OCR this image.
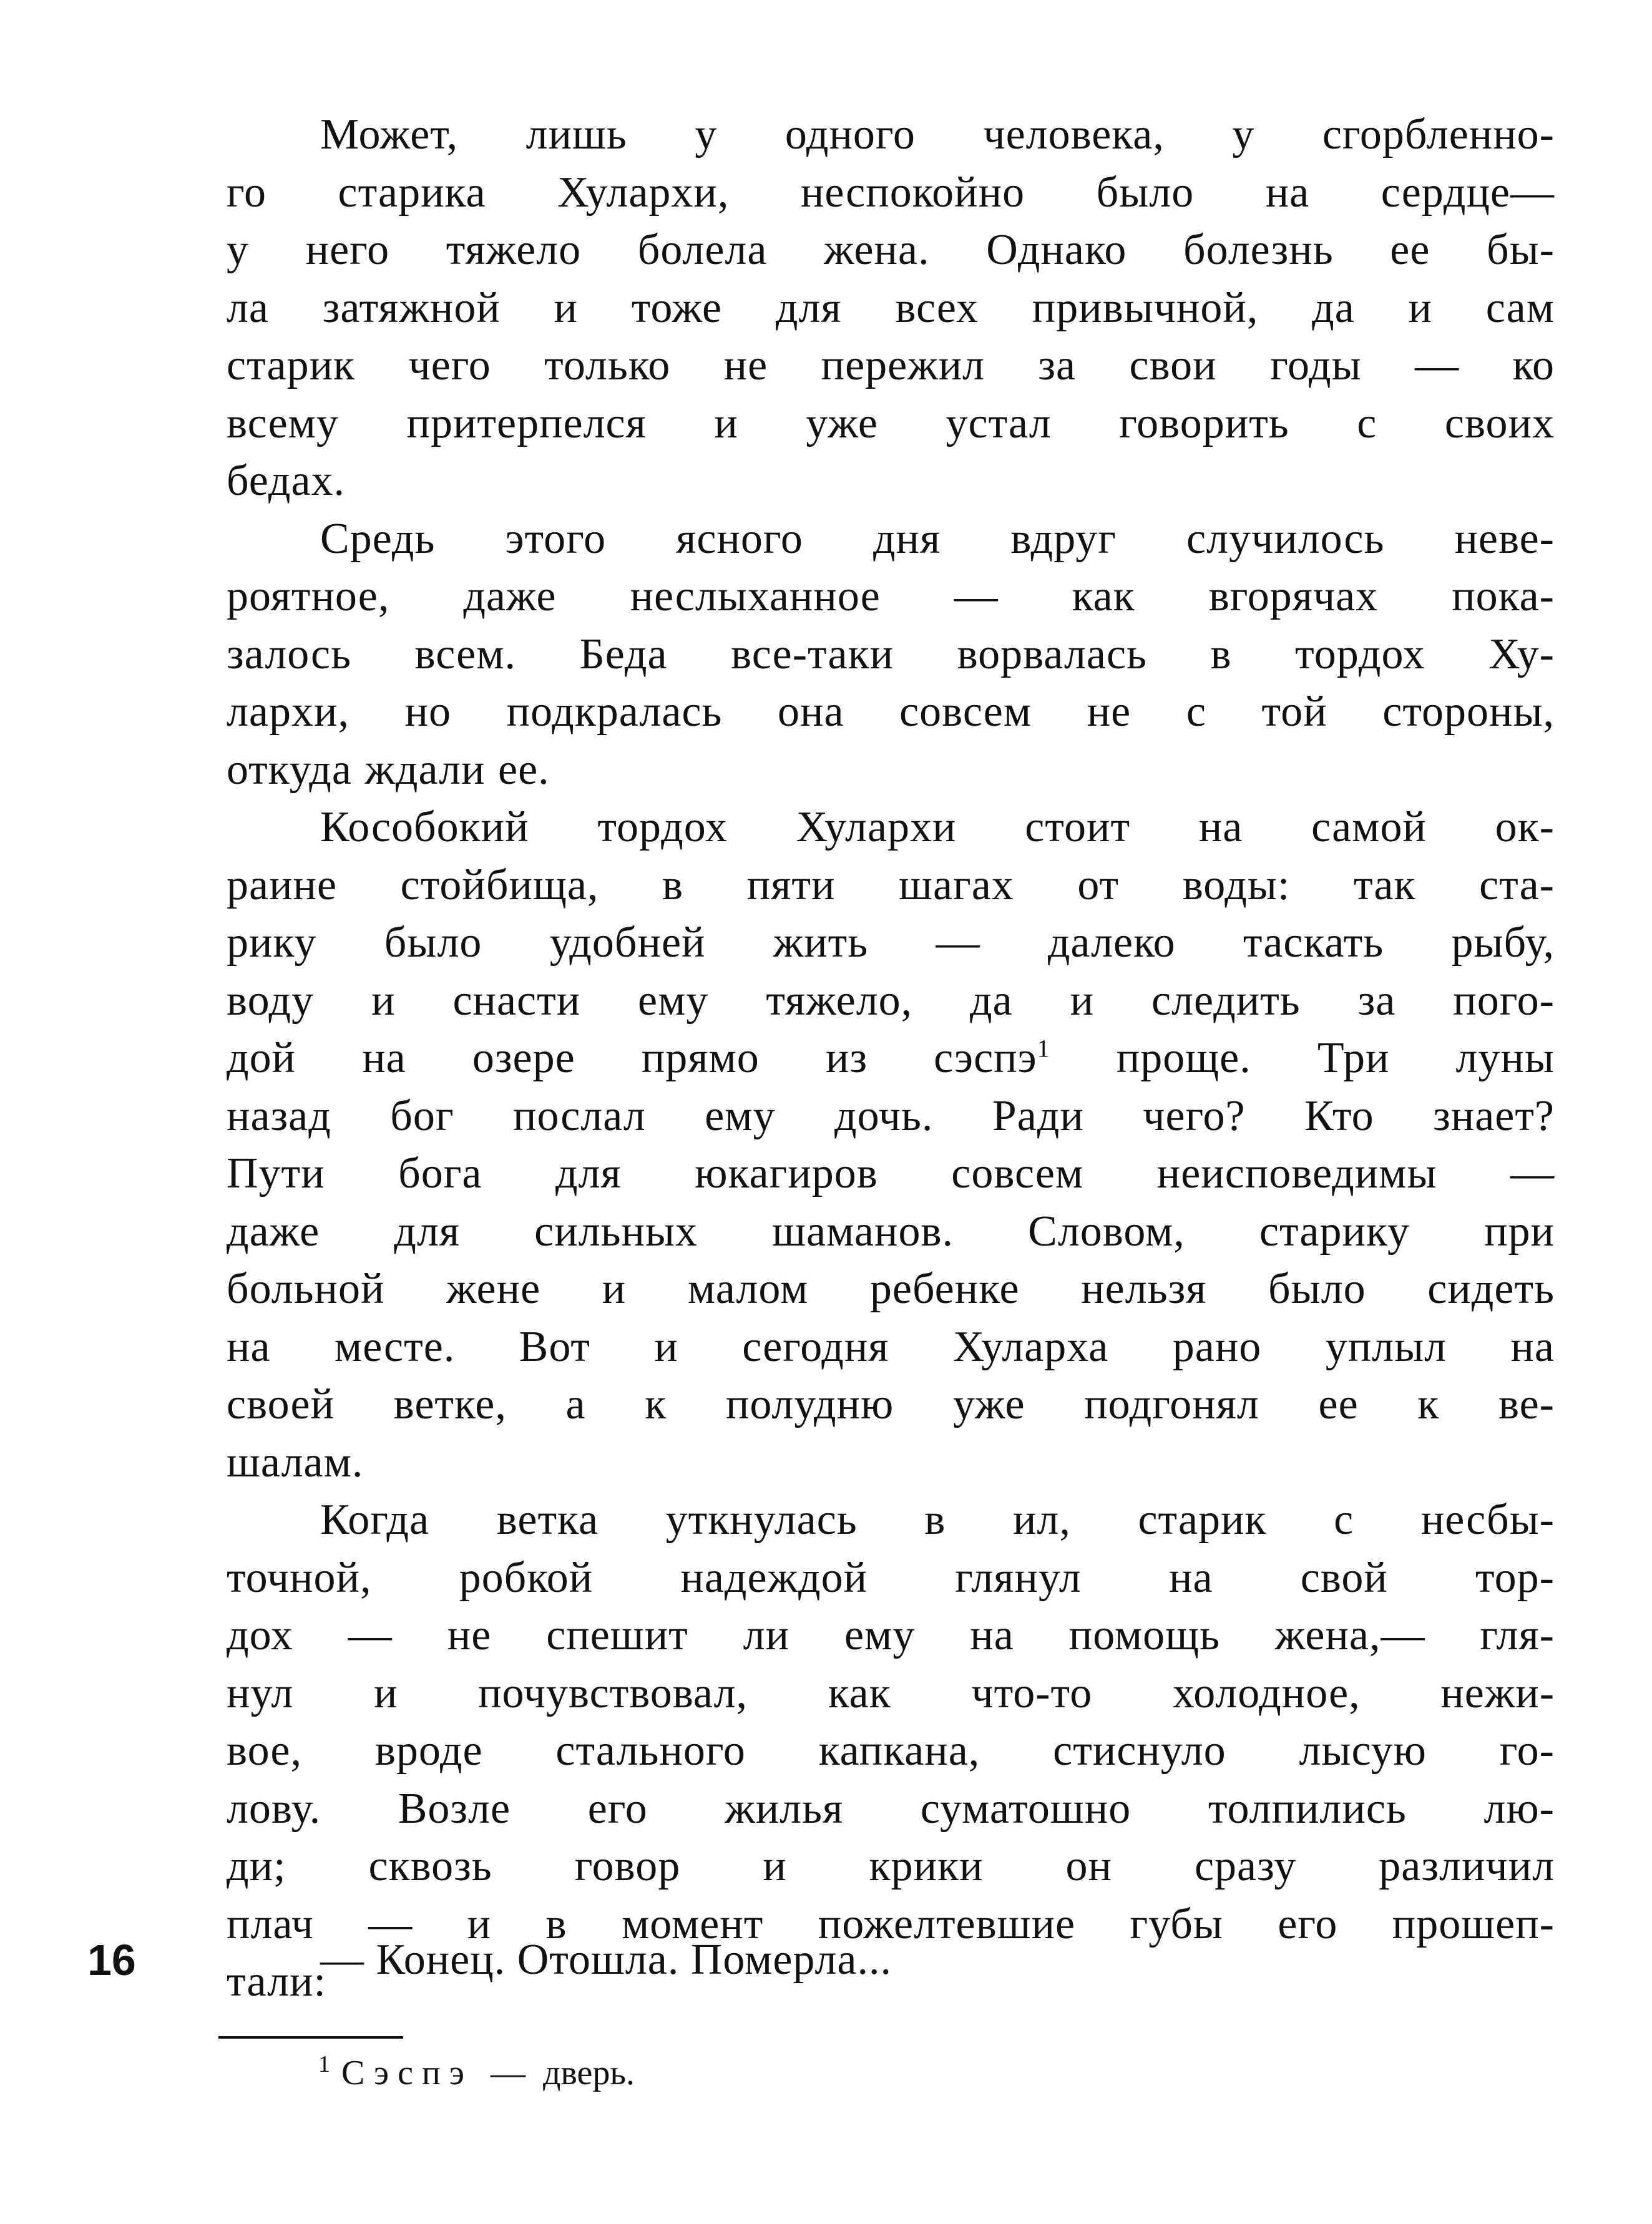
Может, лишь у одного человека, у сгорбленно-
го старика Хулархи, неспокойно было на сердце—
у него тяжело болела жена. Однако болезнь ее бы-
ла затяжной и тоже для всех привычной, да и сам
старик чего только не пережил за свои годы — ко
всему притерпелся и уже устал говорить с своих
бедах.

Средь этого ясного дня вдруг случилось неве-
роятное, даже неслыханное — как вгорячах пока-
залось всем. Беда все-таки ворвалась в тордох Ху-
лархи, но подкралась она совсем не с той стороны,
откуда ждали ее.

Кособокий тордох Хулархи стоит на самой ок-
раине стойбища, в пяти шагах от воды: так ста-
рику было удобней жить — далеко таскать рыбу,
воду и снасти ему тяжело, да и следить за пого-
дой на озере прямо из сэспэ$^1$ проще. Три луны
назад бог послал ему дочь. Ради чего? Кто знает?
Пути бога для юкагиров совсем неисповедимы —
даже для сильных шаманов. Словом, старику при
больной жене и малом ребенке нельзя было сидеть
на месте. Вот и сегодня Хуларха рано уплыл на
своей ветке, а к полудню уже подгонял ее к ве-
шалам.

Когда ветка уткнулась в ил, старик с несбы-
точной, робкой надеждой глянул на свой тор-
дох — не спешит ли ему на помощь жена,— гля-
нул и почувствовал, как что-то холодное, нежи-
вое, вроде стального капкана, стиснуло лысую го-
лову. Возле его жилья суматошно толпились лю-
ди; сквозь говор и крики он сразу различил
плач — и в момент пожелтевшие губы его прошеп-
тали:

16	— Конец. Отошла. Померла...

$^1$ Сэспэ — дверь.
